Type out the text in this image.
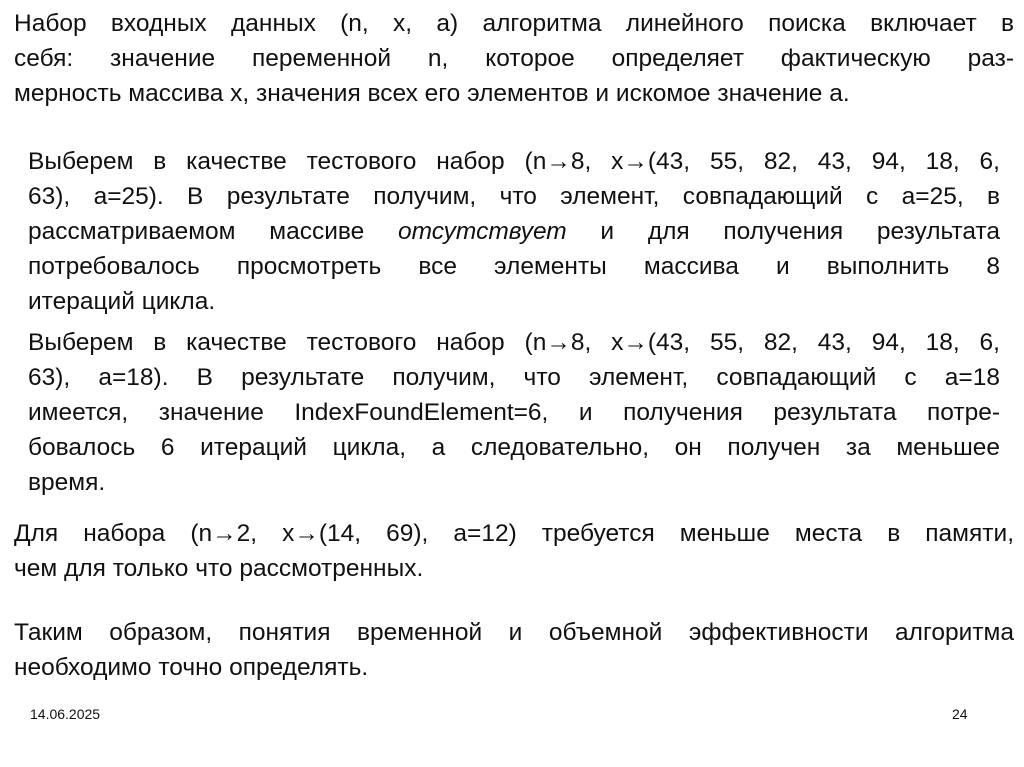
Набор входных данных (n, x, a) алгоритма линейного поиска включает в
себя: значение переменной n, которое определяет фактическую раз-
мерность массива x, значения всех его элементов и искомое значение a.

Выберем в качестве тестового набор (n→8, x→(43, 55, 82, 43, 94, 18, 6,
63), a=25). В результате получим, что элемент, совпадающий с a=25, в
рассматриваемом массиве отсутствует и для получения результата
потребовалось просмотреть все элементы массива и выполнить 8
итераций цикла.

Выберем в качестве тестового набор (n→8, x→(43, 55, 82, 43, 94, 18, 6,
63), a=18). В результате получим, что элемент, совпадающий с a=18
имеется, значение IndexFoundElement=6, и получения результата потре-
бовалось 6 итераций цикла, а следовательно, он получен за меньшее
время.

Для набора (n→2, x→(14, 69), a=12) требуется меньше места в памяти,
чем для только что рассмотренных.

Таким образом, понятия временной и объемной эффективности алгоритма
необходимо точно определять.

14.06.2025	24
